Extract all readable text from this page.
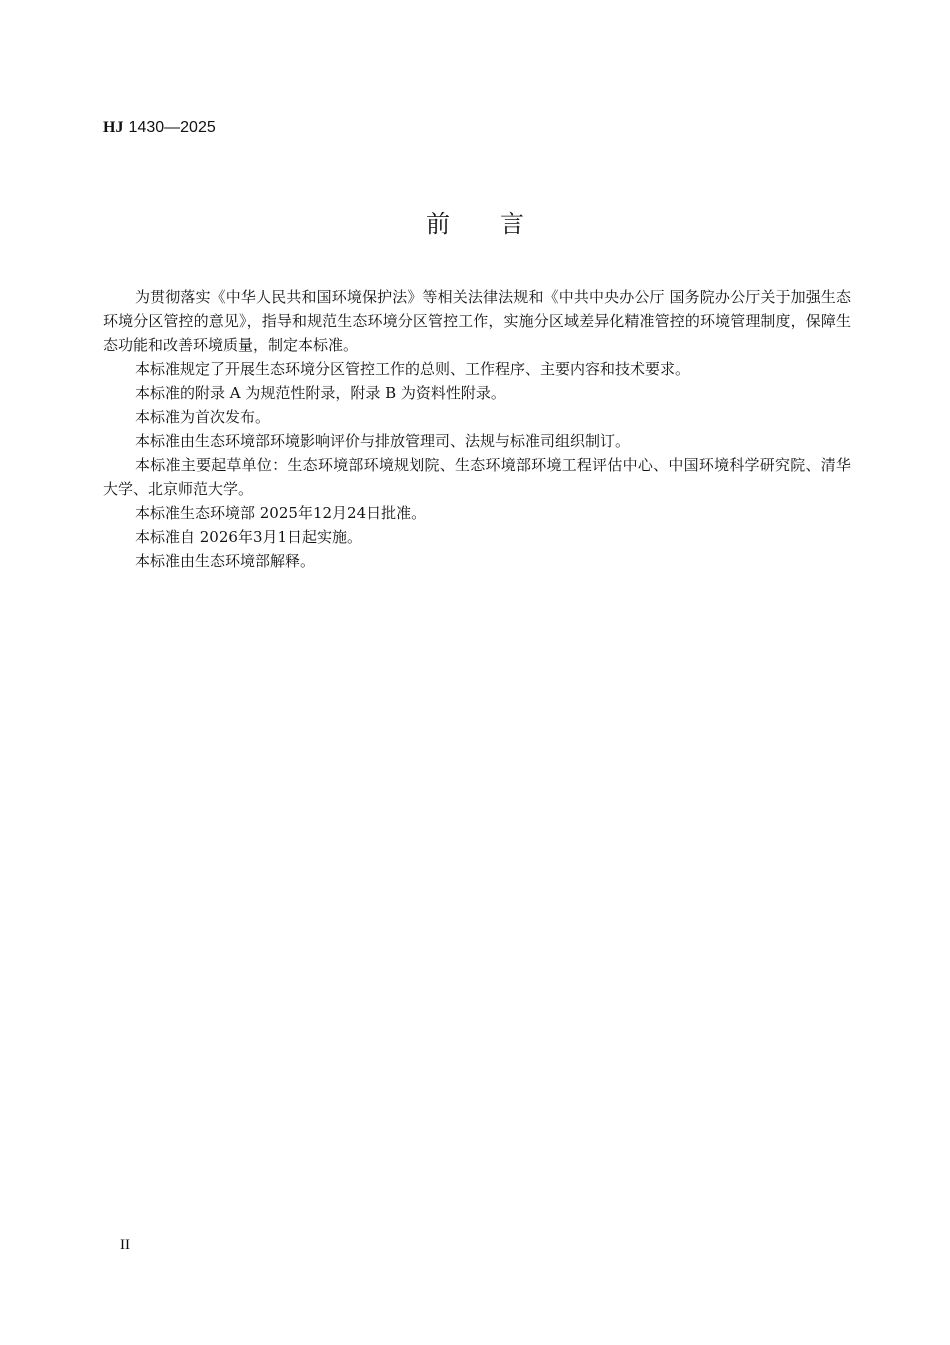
HJ 1430—2025
前 言

为贯彻落实《中华人民共和国环境保护法》等相关法律法规和《中共中央办公厅 国务院办公厅关于加强生态环境分区管控的意见》，指导和规范生态环境分区管控工作，实施分区域差异化精准管控的环境管理制度，保障生态功能和改善环境质量，制定本标准。

本标准规定了开展生态环境分区管控工作的总则、工作程序、主要内容和技术要求。

本标准的附录 A 为规范性附录，附录 B 为资料性附录。

本标准为首次发布。

本标准由生态环境部环境影响评价与排放管理司、法规与标准司组织制订。

本标准主要起草单位：生态环境部环境规划院、生态环境部环境工程评估中心、中国环境科学研究院、清华大学、北京师范大学。

本标准生态环境部 2025年12月24日批准。

本标准自 2026年3月1日起实施。

本标准由生态环境部解释。

II
